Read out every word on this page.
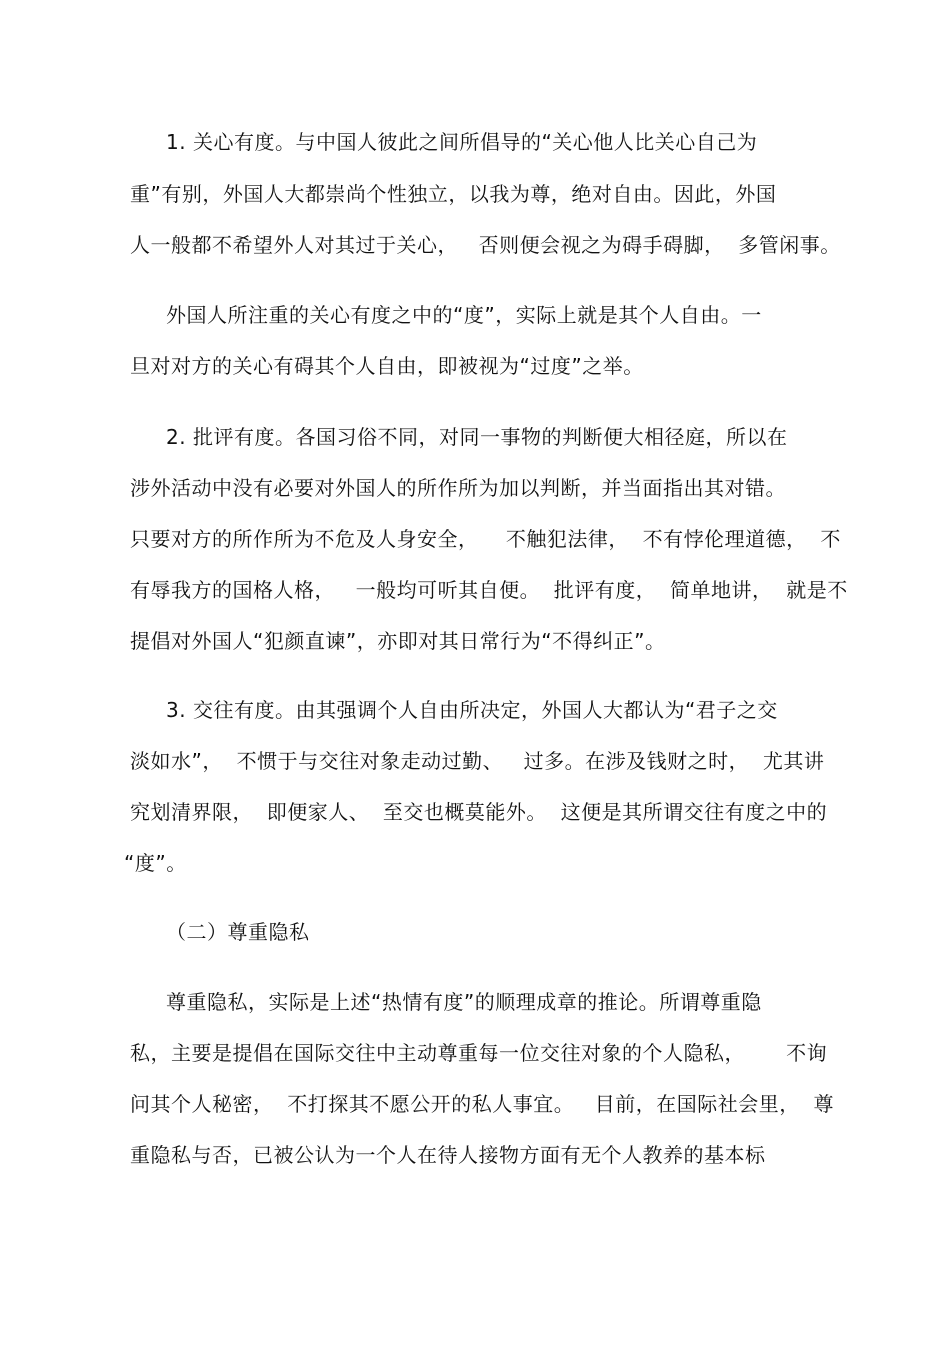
1. 关心有度。与中国人彼此之间所倡导的“关心他人比关心自己为
重”有别，外国人大都崇尚个性独立，以我为尊，绝对自由。因此，外国
人一般都不希望外人对其过于关心，   否则便会视之为碍手碍脚，  多管闲事。
外国人所注重的关心有度之中的“度”，实际上就是其个人自由。一
旦对对方的关心有碍其个人自由，即被视为“过度”之举。
2. 批评有度。各国习俗不同，对同一事物的判断便大相径庭，所以在
涉外活动中没有必要对外国人的所作所为加以判断，并当面指出其对错。
只要对方的所作所为不危及人身安全，    不触犯法律，  不有悖伦理道德，  不
有辱我方的国格人格，   一般均可听其自便。  批评有度，  简单地讲，  就是不
提倡对外国人“犯颜直谏”，亦即对其日常行为“不得纠正”。
3. 交往有度。由其强调个人自由所决定，外国人大都认为“君子之交
淡如水”，  不惯于与交往对象走动过勤、   过多。在涉及钱财之时，  尤其讲
究划清界限，  即便家人、  至交也概莫能外。  这便是其所谓交往有度之中的
“度”。
（二）尊重隐私
尊重隐私，实际是上述“热情有度”的顺理成章的推论。所谓尊重隐
私，主要是提倡在国际交往中主动尊重每一位交往对象的个人隐私，      不询
问其个人秘密，  不打探其不愿公开的私人事宜。   目前，在国际社会里，  尊
重隐私与否，已被公认为一个人在待人接物方面有无个人教养的基本标
